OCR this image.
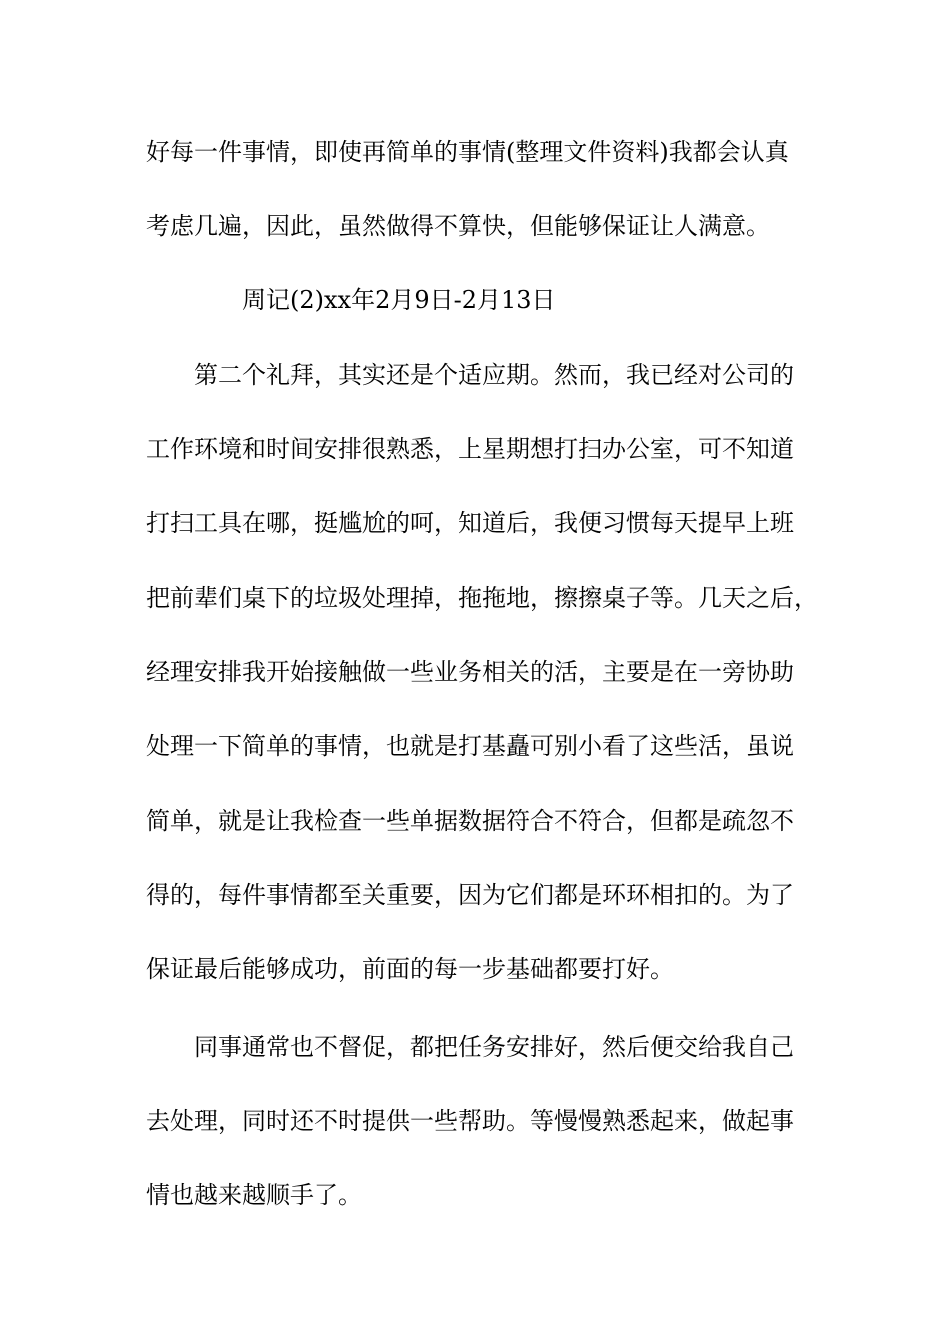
好每一件事情，即使再简单的事情(整理文件资料)我都会认真
考虑几遍，因此，虽然做得不算快，但能够保证让人满意。
周记(2)xx年2月9日-2月13日
第二个礼拜，其实还是个适应期。然而，我已经对公司的
工作环境和时间安排很熟悉，上星期想打扫办公室，可不知道
打扫工具在哪，挺尴尬的呵，知道后，我便习惯每天提早上班
把前辈们桌下的垃圾处理掉，拖拖地，擦擦桌子等。几天之后，
经理安排我开始接触做一些业务相关的活，主要是在一旁协助
处理一下简单的事情，也就是打基矗可别小看了这些活，虽说
简单，就是让我检查一些单据数据符合不符合，但都是疏忽不
得的，每件事情都至关重要，因为它们都是环环相扣的。为了
保证最后能够成功，前面的每一步基础都要打好。
同事通常也不督促，都把任务安排好，然后便交给我自己
去处理，同时还不时提供一些帮助。等慢慢熟悉起来，做起事
情也越来越顺手了。
